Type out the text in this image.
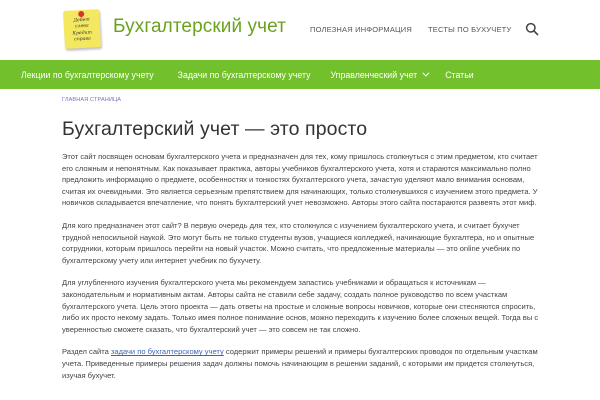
Дебет
слева
Кредит
справа
Бухгалтерский учет	ПОЛЕЗНАЯ ИНФОРМАЦИЯ ТЕСТЫ ПО БУХУЧЕТУ
Лекции по бухгалтерскому учету	Задачи по бухгалтерскому учету Управленческий учет	Статьи
ГЛАВНАЯ СТРАНИЦА
Бухгалтерский учет — это просто

Этот сайт посвящен основам бухгалтерского учета и предназначен для тех, кому пришлось столкнуться с этим предметом, кто считает его сложным и непонятным. Как показывает практика, авторы учебников бухгалтерского учета, хотя и стараются максимально полно предложить информацию о предмете, особенностях и тонкостях бухгалтерского учета, зачастую уделяют мало внимания основам, считая их очевидными. Это является серьезным препятствием для начинающих, только столкнувшихся с изучением этого предмета. У новичков складывается впечатление, что понять бухгалтерский учет невозможно. Авторы этого сайта постараются развеять этот миф.

Для кого предназначен этот сайт? В первую очередь для тех, кто столкнулся с изучением бухгалтерского учета, и считает бухучет трудной непосильной наукой. Это могут быть не только студенты вузов, учащиеся колледжей, начинающие бухгалтера, но и опытные сотрудники, которым пришлось перейти на новый участок. Можно считать, что предложенные материалы — это online учебник по бухгалтерскому учету или интернет учебник по бухучету.

Для углубленного изучения бухгалтерского учета мы рекомендуем запастись учебниками и обращаться к источникам — законодательным и нормативным актам. Авторы сайта не ставили себе задачу, создать полное руководство по всем участкам бухгалтерского учета. Цель этого проекта — дать ответы на простые и сложные вопросы новичков, которые они стесняются спросить, либо их просто некому задать. Только имея полное понимание основ, можно переходить к изучению более сложных вещей. Тогда вы с уверенностью сможете сказать, что бухгалтерский учет — это совсем не так сложно.

Раздел сайта задачи по бухгалтерскому учету содержит примеры решений и примеры бухгалтерских проводок по отдельным участкам учета. Приведенные примеры решения задач должны помочь начинающим в решении заданий, с которыми им придется столкнуться, изучая бухучет.
